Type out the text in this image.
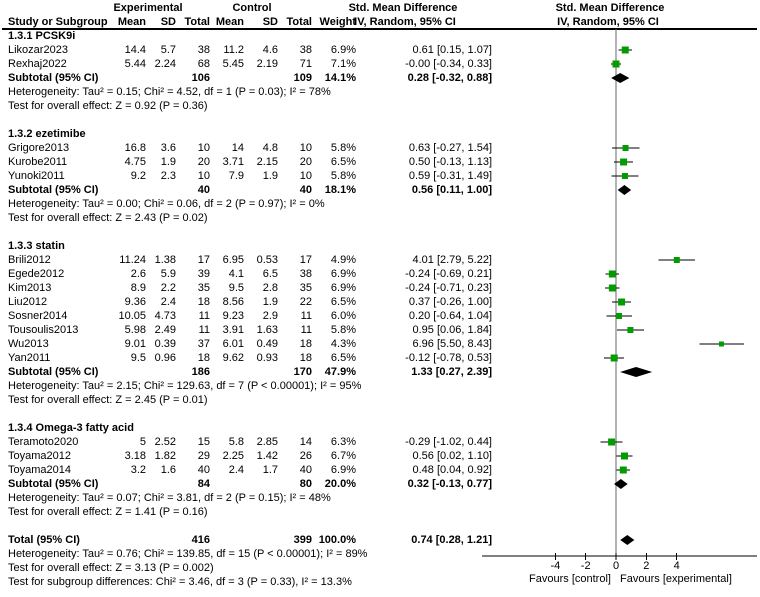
Experimental	Control	Std. Mean Difference	Std. Mean Difference
Study or Subgroup Mean SD Total Mean SD Total Weight
IV, Random, 95% CI	IV, Random, 95% CI
1.3.1 PCSK9i
Likozar2023	14.4 5.7 38 11.2 4.6 38 6.9%	0.61 [0.15, 1.07]
Rexhaj2022	5.44 2.24 68 5.45 2.19 71 7.1%	-0.00 [-0.34, 0.33]
Subtotal (95% CI)	106	109 14.1%	0.28 [-0.32, 0.88]
Heterogeneity: Tau² = 0.15; Chi² = 4.52, df = 1 (P = 0.03); I² = 78%
Test for overall effect: Z = 0.92 (P = 0.36)
1.3.2 ezetimibe
Grigore2013	16.8 3.6 10 14 4.8 10 5.8%	0.63 [-0.27, 1.54]
Kurobe2011	4.75 1.9 20 3.71 2.15 20 6.5%	0.50 [-0.13, 1.13]
Yunoki2011	9.2 2.3 10 7.9 1.9 10 5.8%	0.59 [-0.31, 1.49]
Subtotal (95% CI)	40	40 18.1%	0.56 [0.11, 1.00]
Heterogeneity: Tau² = 0.00; Chi² = 0.06, df = 2 (P = 0.97); I² = 0%
Test for overall effect: Z = 2.43 (P = 0.02)
1.3.3 statin
Brili2012	11.24 1.38 17 6.95 0.53 17 4.9%	4.01 [2.79, 5.22]
Egede2012	2.6 5.9 39 4.1 6.5 38 6.9%	-0.24 [-0.69, 0.21]
Kim2013	8.9 2.2 35 9.5 2.8 35 6.9%	-0.24 [-0.71, 0.23]
Liu2012	9.36 2.4 18 8.56 1.9 22 6.5%	0.37 [-0.26, 1.00]
Sosner2014	10.05 4.73 11 9.23 2.9 11 6.0%	0.20 [-0.64, 1.04]
Tousoulis2013	5.98 2.49 11 3.91 1.63 11 5.8%	0.95 [0.06, 1.84]
Wu2013	9.01 0.39 37 6.01 0.49 18 4.3%	6.96 [5.50, 8.43]
Yan2011	9.5 0.96 18 9.62 0.93 18 6.5%	-0.12 [-0.78, 0.53]
Subtotal (95% CI)	186	170 47.9%	1.33 [0.27, 2.39]
Heterogeneity: Tau² = 2.15; Chi² = 129.63, df = 7 (P < 0.00001); I² = 95%
Test for overall effect: Z = 2.45 (P = 0.01)
1.3.4 Omega-3 fatty acid
Teramoto2020	5 2.52 15 5.8 2.85 14 6.3%	-0.29 [-1.02, 0.44]
Toyama2012	3.18 1.82 29 2.25 1.42 26 6.7%	0.56 [0.02, 1.10]
Toyama2014	3.2 1.6 40 2.4 1.7 40 6.9%	0.48 [0.04, 0.92]
Subtotal (95% CI)	84	80 20.0%	0.32 [-0.13, 0.77]
Heterogeneity: Tau² = 0.07; Chi² = 3.81, df = 2 (P = 0.15); I² = 48%
Test for overall effect: Z = 1.41 (P = 0.16)
Total (95% CI)	416	399 100.0%	0.74 [0.28, 1.21]
Heterogeneity: Tau² = 0.76; Chi² = 139.85, df = 15 (P < 0.00001); I² = 89%
Test for overall effect: Z = 3.13 (P = 0.002)
Test for subgroup differences: Chi² = 3.46, df = 3 (P = 0.33), I² = 13.3%
-4 -2 0 2 4
Favours [control] Favours [experimental]
